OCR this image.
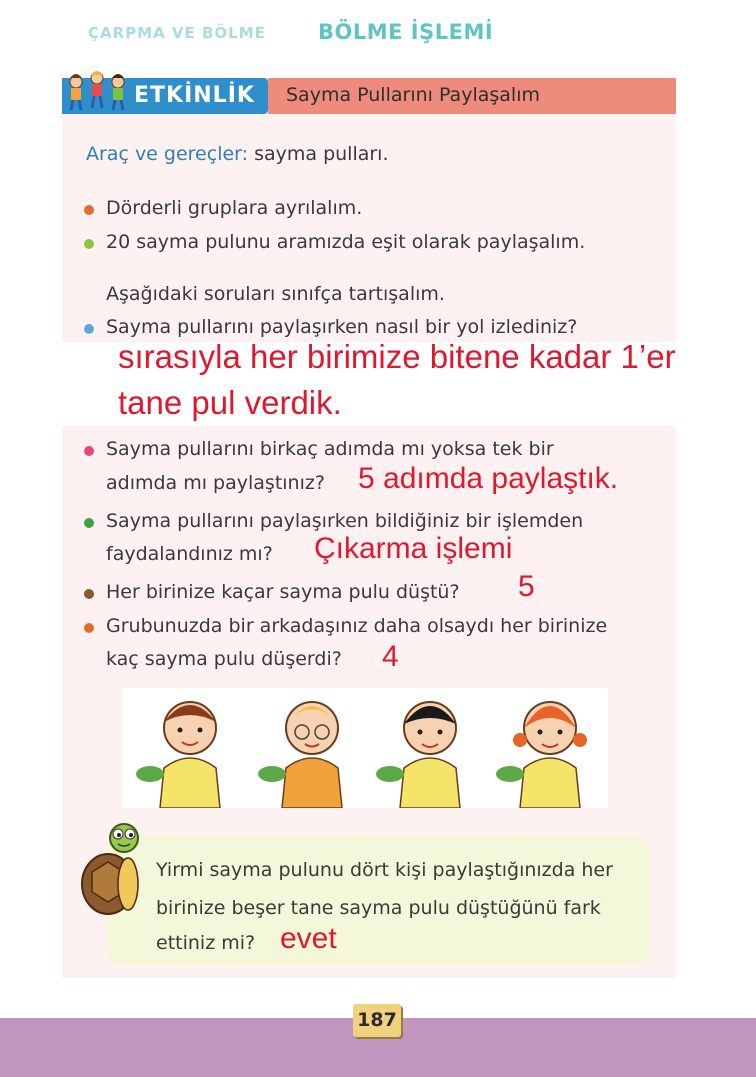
ÇARPMA VE BÖLME BÖLME İŞLEMİ
ETKİNLİK Sayma Pullarını Paylaşalım
Araç ve gereçler: sayma pulları.
Dörderli gruplara ayrılalım.
20 sayma pulunu aramızda eşit olarak paylaşalım.
Aşağıdaki soruları sınıfça tartışalım.
Sayma pullarını paylaşırken nasıl bir yol izlediniz?
sırasıyla her birimize bitene kadar 1’er
tane pul verdik.
Sayma pullarını birkaç adımda mı yoksa tek bir
adımda mı paylaştınız? 5 adımda paylaştık.
Sayma pullarını paylaşırken bildiğiniz bir işlemden
faydalandınız mı? Çıkarma işlemi
Her birinize kaçar sayma pulu düştü? 5
Grubunuzda bir arkadaşınız daha olsaydı her birinize
kaç sayma pulu düşerdi? 4
Yirmi sayma pulunu dört kişi paylaştığınızda her
birinize beşer tane sayma pulu düştüğünü fark
ettiniz mi? evet
187
